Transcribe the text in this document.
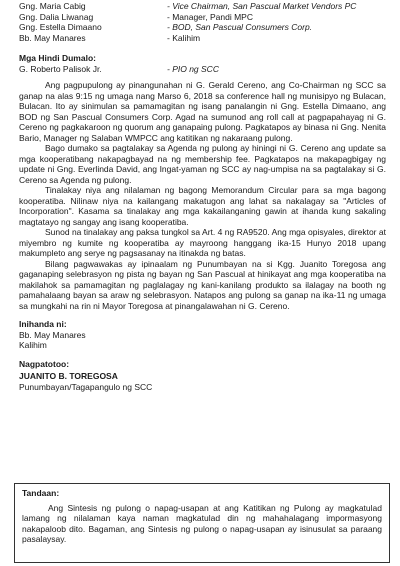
Gng. Maria Cabig	- Vice Chairman, San Pascual Market Vendors PC
Gng. Dalia Liwanag	- Manager, Pandi MPC
Gng. Estella Dimaano	- BOD, San Pascual Consumers Corp.
Bb. May Manares	- Kalihim
Mga Hindi Dumalo:
G. Roberto Palisok Jr.	- PIO ng SCC

Ang pagpupulong ay pinangunahan ni G. Gerald Cereno, ang Co-Chairman ng SCC sa ganap na alas 9:15 ng umaga nang Marso 6, 2018 sa conference hall ng munisipyo ng Bulacan, Bulacan. Ito ay sinimulan sa pamamagitan ng isang panalangin ni Gng. Estella Dimaano, ang BOD ng San Pascual Consumers Corp. Agad na sumunod ang roll call at pagpapahayag ni G. Cereno ng pagkakaroon ng quorum ang ganapaing pulong. Pagkatapos ay binasa ni Gng. Nenita Bario, Manager ng Salaban WMPCC ang katitikan ng nakaraang pulong.

Bago dumako sa pagtalakay sa Agenda ng pulong ay hiningi ni G. Cereno ang update sa mga kooperatibang nakapagbayad na ng membership fee. Pagkatapos na makapagbigay ng update ni Gng. Everlinda David, ang Ingat-yaman ng SCC ay nag-umpisa na sa pagtalakay si G. Cereno sa Agenda ng pulong.

Tinalakay niya ang nilalaman ng bagong Memorandum Circular para sa mga bagong kooperatiba. Nilinaw niya na kailangang makatugon ang lahat sa nakalagay sa "Articles of Incorporation". Kasama sa tinalakay ang mga kakailanganing gawin at ihanda kung sakaling magtatayo ng sangay ang isang kooperatiba.

Sunod na tinalakay ang paksa tungkol sa Art. 4 ng RA9520. Ang mga opisyales, direktor at miyembro ng kumite ng kooperatiba ay mayroong hanggang ika-15 Hunyo 2018 upang makumpleto ang serye ng pagsasanay na itinakda ng batas.

Bilang pagwawakas ay ipinaalam ng Punumbayan na si Kgg. Juanito Toregosa ang gaganaping selebrasyon ng pista ng bayan ng San Pascual at hinikayat ang mga kooperatiba na makilahok sa pamamagitan ng paglalagay ng kani-kanilang produkto sa ilalagay na booth ng pamahalaang bayan sa araw ng selebrasyon. Natapos ang pulong sa ganap na ika-11 ng umaga sa mungkahi na rin ni Mayor Toregosa at pinangalawahan ni G. Cereno.

Inihanda ni:
Bb. May Manares
Kalihim
Nagpatotoo:
JUANITO B. TOREGOSA
Punumbayan/Tagapangulo ng SCC
Tandaan:

Ang Sintesis ng pulong o napag-usapan at ang Katitikan ng Pulong ay magkatulad lamang ng nilalaman kaya naman magkatulad din ng mahahalagang impormasyong nakapaloob dito. Bagaman, ang Sintesis ng pulong o napag-usapan ay isinusulat sa paraang pasalaysay.
